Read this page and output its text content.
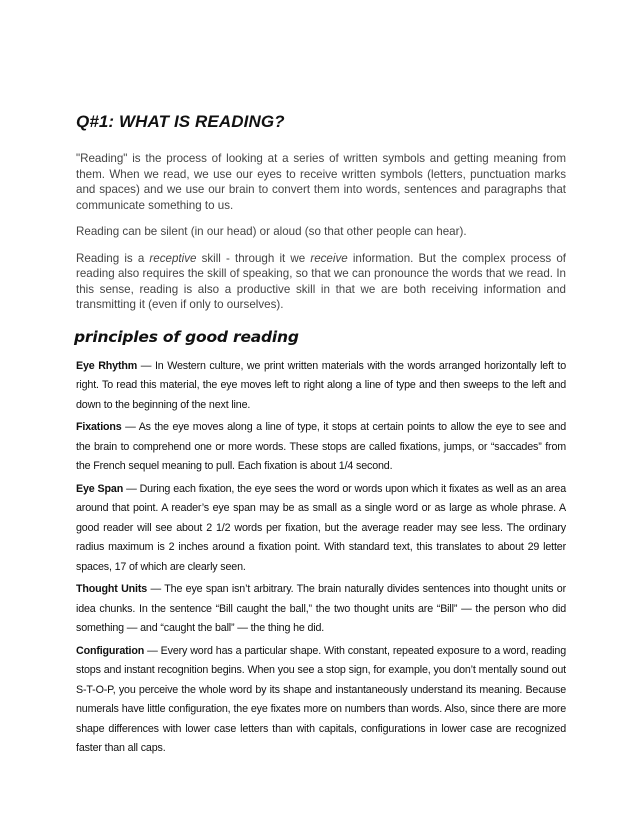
Q#1: WHAT IS READING?

"Reading" is the process of looking at a series of written symbols and getting meaning from them. When we read, we use our eyes to receive written symbols (letters, punctuation marks and spaces) and we use our brain to convert them into words, sentences and paragraphs that communicate something to us.

Reading can be silent (in our head) or aloud (so that other people can hear).

Reading is a receptive skill - through it we receive information. But the complex process of reading also requires the skill of speaking, so that we can pronounce the words that we read. In this sense, reading is also a productive skill in that we are both receiving information and transmitting it (even if only to ourselves).

principles of good reading

Eye Rhythm — In Western culture, we print written materials with the words arranged horizontally left to right. To read this material, the eye moves left to right along a line of type and then sweeps to the left and down to the beginning of the next line.

Fixations — As the eye moves along a line of type, it stops at certain points to allow the eye to see and the brain to comprehend one or more words. These stops are called fixations, jumps, or “saccades” from the French sequel meaning to pull. Each fixation is about 1/4 second.

Eye Span — During each fixation, the eye sees the word or words upon which it fixates as well as an area around that point. A reader’s eye span may be as small as a single word or as large as whole phrase. A good reader will see about 2 1/2 words per fixation, but the average reader may see less. The ordinary radius maximum is 2 inches around a fixation point. With standard text, this translates to about 29 letter spaces, 17 of which are clearly seen.

Thought Units — The eye span isn’t arbitrary. The brain naturally divides sentences into thought units or idea chunks. In the sentence “Bill caught the ball,” the two thought units are “Bill” — the person who did something — and “caught the ball” — the thing he did.

Configuration — Every word has a particular shape. With constant, repeated exposure to a word, reading stops and instant recognition begins. When you see a stop sign, for example, you don’t mentally sound out S-T-O-P, you perceive the whole word by its shape and instantaneously understand its meaning. Because numerals have little configuration, the eye fixates more on numbers than words. Also, since there are more shape differences with lower case letters than with capitals, configurations in lower case are recognized faster than all caps.
